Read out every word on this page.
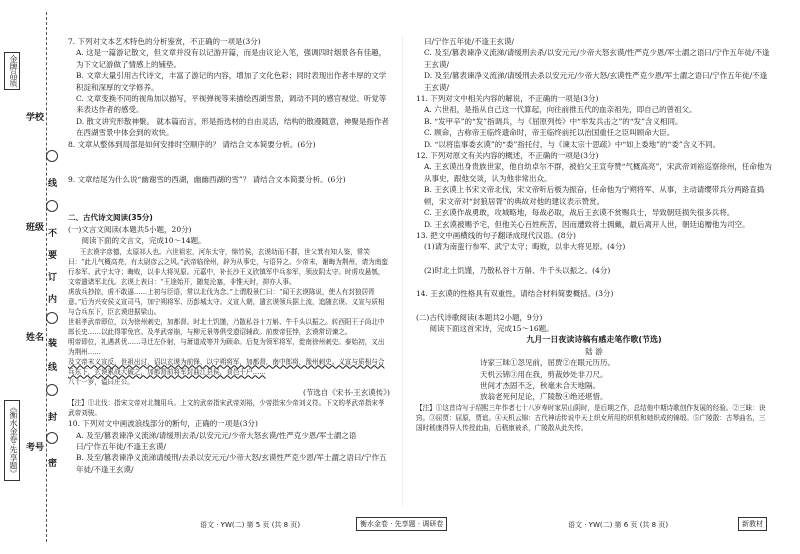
金牌品质
《衡水金卷·先享题》
线
不
要
订
内
装
线
封
密
学校
班级
姓名
考号

7. 下列对文本艺术特色的分析鉴赏，不正确的一项是(3分)

A. 这是一篇游记散文，但文章并没有以记游开篇，而是由议论入笔，强调四时烟景各有佳趣，为下文记游做了情感上的铺垫。

B. 文章大量引用古代诗文，丰富了游记的内容，增加了文化色彩；同时表现出作者丰厚的文学积淀和深厚的文学修养。

C. 文章变换不同的视角加以描写，平视弹视等来描绘西湖雪景，调动不同的感官视觉、听觉等来表达作者的感受。

D. 散文讲究形散神聚。 就本篇而言，形是指选材的自由灵活，结构的散漫随意，神聚是指作者在西湖雪景中体会到的欢快。

8. 文章从整体到局部是如何安排时空顺序的？ 请结合文本简要分析。(6分)

9. 文章结尾为什么说“幽谢雪的西湖，幽幽西湖的雪”？ 请结合文本简要分析。(6分)

二、古代诗文阅读(35分)

(一)文言文阅读(本题共5小题，20分)

阅读下面的文言文，完成10～14题。

王玄谟字彦德，太原祁人也。六世祖宏，河东太守，绵竹侯，玄谟幼而不群，世父箕有知人鉴，常笑曰：“此儿气概高亮，有太尉彦云之风。”武帝临徐州，辟为从事史，与语异之。少帝末，谢晦为荆州，请为南蛮行参军、武宁太守；晦败，以非大将见原。元嘉中，补长沙王义欣镇军中兵参军，领汝阴太守。时虏攻悬瓠，文帝遣诸军北伐。玄谟上表曰：“王途始开，随复沦塞，非惟天时，抑亦人事。

虏放兵抄掠，虏不敢逼……上初与臣语，常以北伐为念。”上谓殷景仁曰：“闻王玄谟陈说，使人有封狼居胥意。”后为兴安侯义宣司马，加宁朔将军、历彭城太守。义宣入朝，遣玄谟领兵据上流，追随玄谟、义宣与质相与合兵东下，臣玄谟进据梁山。

世祖孝武帝即位，以为徐州刺史，加都督。时北土饥馑，乃散私谷十万斛、牛千头以振之。转西阳王子尚北中郎长史……以此得罪免官。及孝武帝崩，与柳元景等俱受遗诏辅政。前废帝狂悖，玄谟常切谏之。

明帝即位，礼遇甚优……寻迁左仆射，与萧道成等并为顾命。后复为领军将军，徙南徐州刺史。泰始初，又出为荆州……

及文帝末义宣反，世祖出讨，诏以玄谟为前锋，以宁朔将军，加都督，南中郎将，豫州刺史。义宣与质相与合兵东下，玄谟累战大破之，加都督前将军封曲江县侯，食邑千户……

八十一岁，谥曰庄公。

(节选自《宋书·王玄谟传》)

【注】①北伐：指宋文帝对北魏用兵。上文的武帝指宋武帝刘裕，少帝指宋少帝刘义符。下文的孝武帝指宋孝武帝刘骏。

10. 下列对文中画波浪线部分的断句，正确的一项是(3分)

A. 及至/篡表谏净义流涕/请缓刑去杀/以安元元/少帝大怒玄谟/性严克少恩/军士謂之语

曰/宁作五年徒/不逢王玄谟/

B. 及至/篡表谏净义流涕请缓刑/去杀以安元元/少帝大怒/玄谟性严克少恩/军士謂之语曰/宁作五年徒/不逢王玄谟/

曰/宁作五年徒/不逢王玄谟/

C. 及至/篡表谏净义流涕/请缓刑去杀/以安元元/少帝大怒玄谟/性严克少恩/军士謂之语曰/宁作五年徒/不逢王玄谟/

D. 及至/篡表谏净义流涕/请缓刑去杀以安元元/少帝大怒/玄谟性严克少恩/军士謂之语曰/宁作五年徒/不逢王玄谟/

11. 下列对文中相关内容的解说，不正确的一项是(3分)

A. 六世祖，是指从自己这一代算起，向往前推五代的血亲祖先，即自己的曾祖父。

B. “发甲辛”的“发”指调兵，与《屈原列传》中“举发兵击之”的“发”含义相同。

C. 顾命，古称帝王临终遗命时，帝王临终前托以治国重任之臣叫顾命大臣。

D. “以将监事委玄谟”的“委”指托付，与《谏太宗十思疏》中“如上委地”的“委”含义不同。

12. 下列对原文有关内容的概述，不正确的一项是(3分)

A. 王玄谟出身贵族世家，他自幼卓尔不群，被伯父王宣夸赞“气概高亮”，宋武帝刘裕巡察徐州，任命他为从事史，跟他交谈，认为他非常出众。

B. 王玄谟上书宋文帝北伐，宋文帝听后极为振奋，任命他为宁朔将军、从事，主动请缨带兵分两路直捣顿，宋文帝对“封狼居胥”的典故对他的建议表示赞赏。

C. 王玄谟作战勇敢，攻城略地，每战必取，战后王玄谟不赏赐兵士，导致朝廷损失很多兵将。

D. 王玄谟被赐予宅，但他关心百姓疾苦，因而遭致将士拥戴，最后离开人世，朝廷追赠他为司空。

13. 把文中画横线的句子翻译成现代汉语。(8分)

(1)请为南蛮行参军、武宁太守；晦败，以非大将见原。(4分)

(2)时北土饥馑，乃散私谷十万斛、牛千头以振之。(4分)

14. 王玄谟的性格具有双重性，请结合材料简要概括。(3分)

(二)古代诗歌阅读(本题共2小题，9分)

阅读下面这首宋诗，完成15～16题。

九月一日夜读诗稿有感走笔作歌(节选)

陆 游

诗家三昧①忽见前，屈贾②在眼元历历。

天机云锦③用在我，剪裁妙处非刀尺。

世间才杰固不乏，秋毫未合天地隔。

放翁老死何足论，广陵散④绝还堪惜。

【注】①这首诗写于绍熙三年作者七十八岁寿时家居山阴时，是后期之作，总结他中期诗歌创作发展的经验。②三昧：诀窍。③屈贾：屈原，贾谊。④天机云锦：古代神话传说中天上织女所用的织机和她织成的锦缎。⑤广陵散：古琴曲名，三国时嵇康得异人传授此曲，后嵇康被杀，广陵散从此失传。

语文 · YW(二) 第 5 页 (共 8 页)	衡水金卷 · 先享题 · 调研卷	语文 · YW(二) 第 6 页 (共 8 页)	新教材
